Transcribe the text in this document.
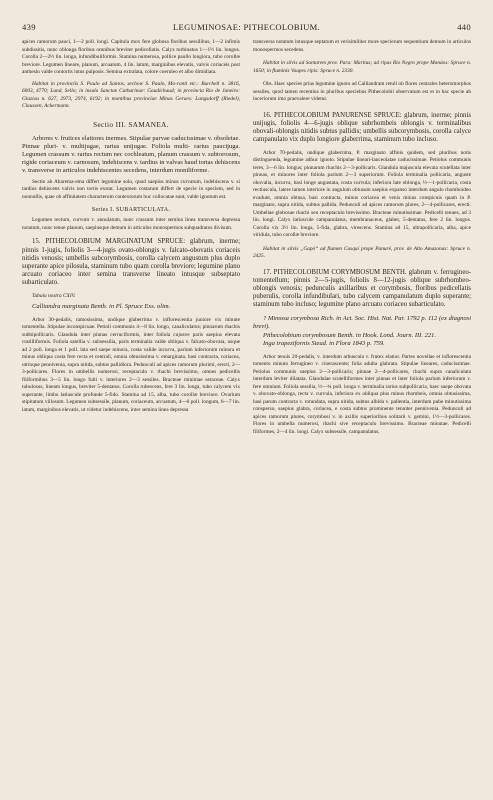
439	LEGUMINOSAE: PITHECOLOBIUM.	440

apices ramorum pauci, 1—2 poll. longi. Capitula mox fere globosa floribus sessilibus, 1—2 infimis subdissitis, nunc oblonga floribus omnibus breviter pedicellatis. Calyx turbinatus 1—1½ lin. longus. Corolla 2—2½ lin. longa, infundibuliformis. Stamina numerosa, pollice paullo longiora, tubo corollæ breviore. Legumen lineare, planum, arcuatum, 4 lin. latum, marginibus elevatis, valvis coriaceis post anthesin valde contortis intus pulposis. Semina extralata, colore coeruleo et albo dimidiata.

Habitat in provinciis S. Paulo ad Santos, sechow S. Paulo, Mo-ranti etc.: Burchell n. 3816, 6003, 4770; Lund, Sello; in insula Sanctae Catharinae: Gaudichaud; in provincia Rio de Janeiro: Glaziou n. 627, 2973, 2974, 6192; in montibus provinciae Minas Geraes: Langsdorff (Riedel), Claussen, Ackermann.

Sectio III. SAMANEA.

Arbores v. frutices elatiores inermes. Stipulae parvae caducissimae v. obsoletae. Pinnae pluri- v. multijugae, rarius unijugae. Foliola multi- rarius paucijuga. Legumen crassum v. rarius rectum nec cochleatum, planum crassum v. subtorosum, rigide coriaceum v. carnosum, indehiscens v. tardius in valvas haud tortas dehiscens v. transverse in articulos indehiscentes secedens, interdum moniliforme.

Sectio ab Abarema-ema differt legumine solo, quod saepius minus curvatum, indehiscens v. si tardius dehiscens valvis non tortis exstat. Legumen costarum differt de specie in speciem, sed in nonnullis, quae ob affinitatem characterum contextorum huc collocatae sunt, valde ignotum est.

Series I. SUBARTICULATA.

Legumen rectum, curvum v. annulatum, nunc crassum inter semina linea transversa depressa notatum, nunc tenue planum, saepiusque demum in articulos monospermos subquadratos divisum.

15. PITHECOLOBIUM MARGINATUM SPRUCE: glabrum, inerme; pinnis 1-jugis, foliolis 3—4-jugis ovato-oblongis v. falcato-obovatis coriaceis nitidis venosis; umbellis subcorymbosis, corolla calycem angustum plus duplo superante apice pilosula, staminum tubo quam corolla breviore; legumine plano arcuato coriaceo inter semina transverse lineato intusque subseptato subarticulato.

Tabula nostra CXIV.

Calliandra marginata Benth. in Pl. Spruce Exs. olim.

Arbor 30-pedalis, ramosissima, undique glaberrima v. inflorescentia juniore vix minute tomentella. Stipulae inconspicuae. Petioli communis 4—8 lin. longo, canaliculatus; pinnarum rhachis subbipollicaris. Glandula inter pinnas cerruciformis, inter foliola cujusve paris saepius elevata cratilliformis. Foliola satellia v. subsessilia, paris terminalia valde obliqua v. falcato-obovata, usque ad 2 poll. longa et 1 poll. lata sed saepe minora, costa valide incurva, parium inferiorum minora et minus obliqua costa fere recta et centrali, omnia obtusissima v. emarginata, basi contracta, coriacea, utrinque pennivenia, supra nitida, subtus pallidiora. Pedunculi ad apices ramorum plurimi, erecti, 2—3-pollicares. Flores in umbellis numerosi, receptaculo v. rhachi brevissimo, omnes pedicellis filiformibus 3—5 lin. longo fulti v. interiores 2—3 sessiles. Bracteae minimae setaceae. Calyx tubulosus, lineam longus, breviter 5-dentatus. Corolla rubescens, fere 3 lin. longa, tubo calycem vix superante, limbo latiuscule profunde 5-fido. Stamina ad 15, alba, tubo corollæ breviore. Ovarium stipitatum villosum. Legumen subsessile, planum, coriaceum, arcuatum, 4—6 poll. longum, 6—7 lin. latum, marginibus elevatis, ut videtur indehiscens, inter semina linea depressa

transversa notatum intusque septatum et verisimiliter more specierum sequentium demum in articulos monospermos secedens.

Habitat in silvis ad Santarem prov. Para: Martius; ad ripas Rio Negro prope Manáos: Spruce n. 1650; in fluminis Vaupes ripis: Spruce n. 2330.

Obs. Haec species prius legumine ignoto ad Calliandram retuli ob flores centrales heteromorphos sessiles, quod tamen recentius in pluribus speciebus Pithecolobii observatum est et in hac specie ab inceriorum imo praevalere videtur.

16. PITHECOLOBIUM PANURENSE SPRUCE: glabrum, inerme; pinnis unijugis, foliolis 4—6-jugis oblique subrhombeis oblongis v. terminalibus obovali-oblongis nitidis subtus pallidis; umbellis subcorymbosis, corolla calyce campanulato vix duplo longiore glaberrima, staminum tubo incluso.

Arbor 70-pedalis, undique glaberrima, P. marginato affinis quidem, sed pluribus notis distinguenda, legumine adhuc ignoto. Stipulae lineari-lanceolatae caducissimae. Petiolus communis teres, 3—6 lin. longus; pinnarum rhachis 2—3-pollicaris. Glandula majuscula elevata scutellata inter pinnas, et minores inter foliola parium 2—3 superiorum. Foliola terminalia pollicaria, anguste obovalia, incurva, basi longe angustata, costa curvula; inferiora late oblonga, ½—1-pollicaria, costa rectiuscula, latere tamen interiore in angulum obtusum saepius expanso interdum angulo rhomboideo evadunt, omnia obtusa, basi contracta, minus coriacea et venis minus conspicuis quam in P. marginato, supra nitida, subtus pallida. Pedunculi ad apices ramorum plures, 2—4-pollicares, erecti. Umbellae globosae rhachi seu receptaculo brevissimo. Bracteae minutissimae. Pedicelli tenues, ad 3 lin. longi. Calyx latiuscule campanulatus, membranaceus, glaber, 5-dentatus, fere 2 lin. longus. Corolla vix 3½ lin. longa, 5-fida, glabra, virescens. Stamina ad 15, ultrapollicaria, alba, apice viridula, tubo corollæ breviore.

Habitat in silvis „Gapó“ ad flumen Casquí prope Panuré, prov. de Alto Amazonas: Spruce n. 2425.

17. PITHECOLOBIUM CORYMBOSUM BENTH. glabrum v. ferrugineo-tomentellum; pinnis 2—5-jugis, foliolis 8—12-jugis oblique subrhombeo-oblongis venosis; pedunculis axillaribus et corymbosis, floribus pedicellatis puberulis, corolla infundibulari, tubo calycem campanulatum duplo superante; staminum tubo incluso; legumine plano arcuato coriaceo subarticulato.

? Mimosa corymbosa Rich. in Act. Soc. Hist. Nat. Par. 1792 p. 112 (ex diagnosi brevi).

Pithecolobium corymbosum Benth. in Hook. Lond. Journ. III. 221.

Inga trapezifornis Steud. in Flora 1843 p. 759.

Arbor tenuis 20-pedalis, v. interdum arbuscula v. frutex elatior. Partes novellae et inflorescentia tomento minuto ferrugineo v. cinerascente; folia adulta glabrata. Stipulae lineares, caducissimae. Petiolus communis saepius 2—3-pollicaris; pinnae 2—4-pollicares, rhachi supra canaliculata interdum leviter dilatata. Glandulae scutelliformes inter pinnas et inter foliola parium inferiorum v. fere omnium. Foliola sessilia, ½—¾ poll. longa v. terminalia rarius subpollicaria, haec saepe obovata v. obovato-oblonga, recta v. curvula, inferiora ex obliqua plus minus rhombeis, omnia obtusissima, basi parum contracta v. rotundata, supra nitida, subtus albida v. pallentia, interdum pube minutissima consperso, saepius glabra, coriacea, e costa subtus prominente tenuiter penniveniа. Pedunculi ad apices ramorum plures, corymbosi v. in axillis superioribus solitarii v. gemini, 1½—3-pollicares. Flores in umbella numerosi, rhachi sive receptaculo brevissimo. Bracteae minutae. Pedicelli filiformes, 2—4 lin. longi. Calyx subsessile, campanulatus,
